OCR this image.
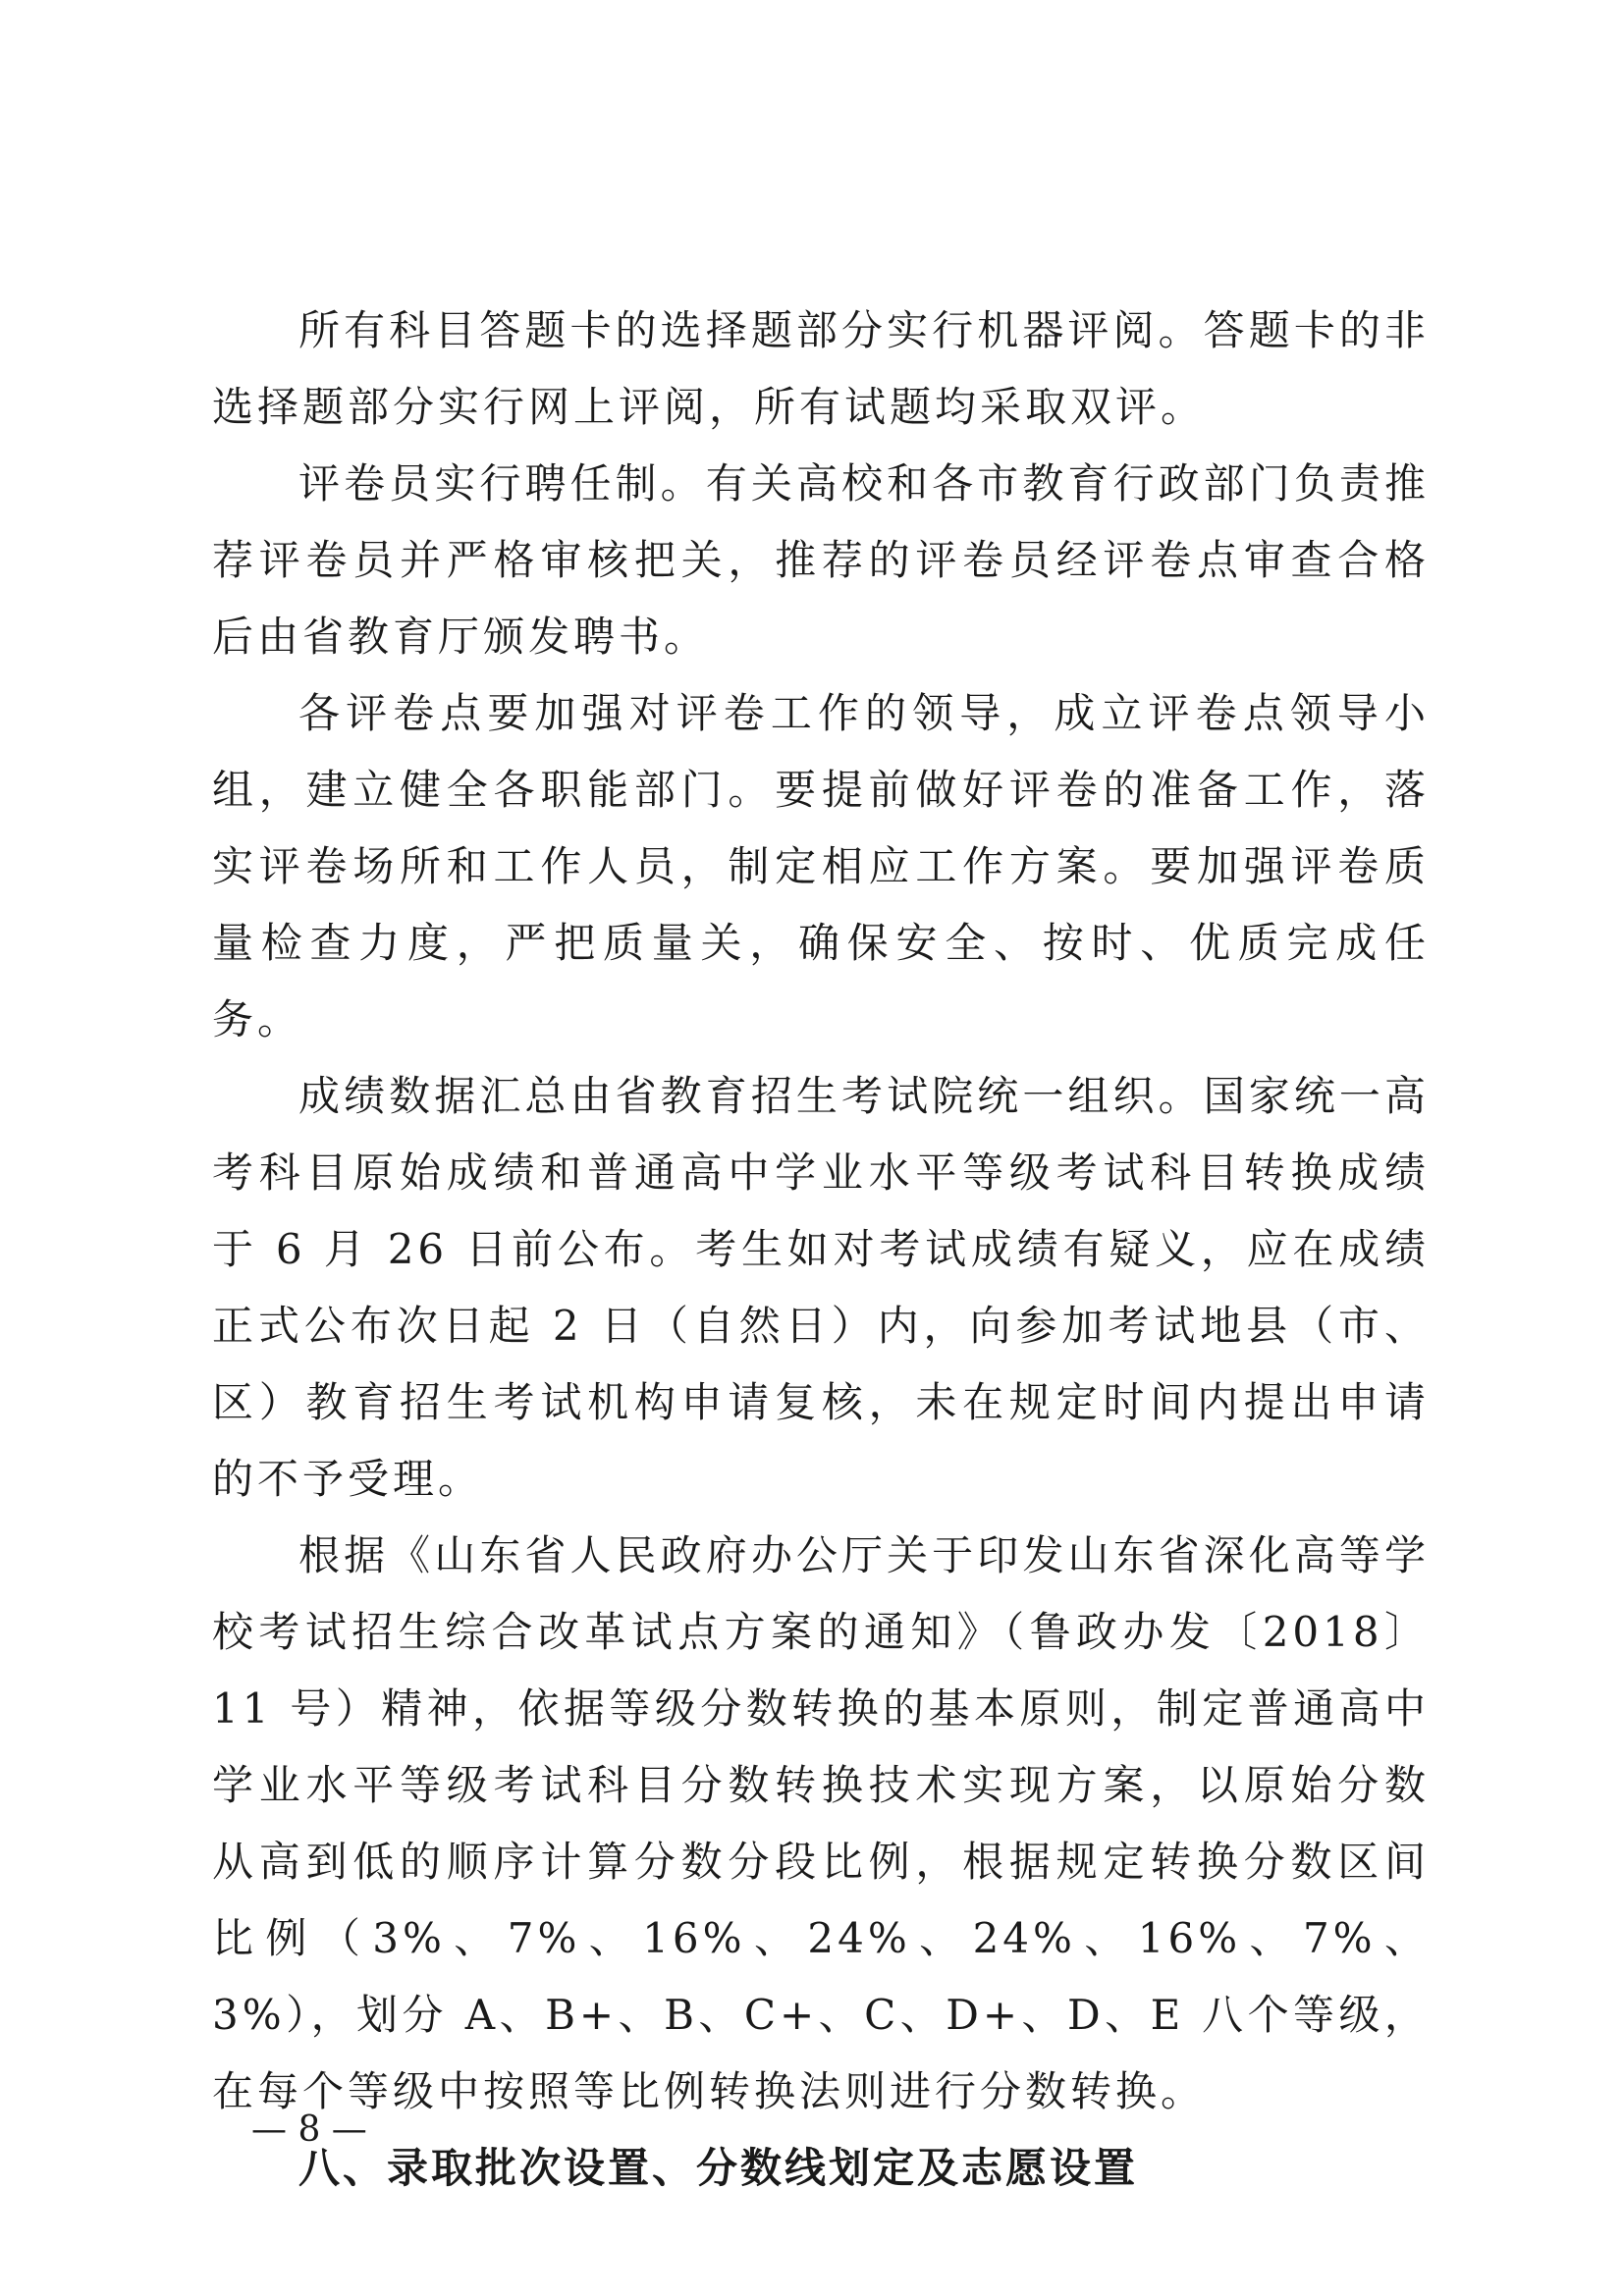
所有科目答题卡的选择题部分实行机器评阅。答题卡的非选择题部分实行网上评阅，所有试题均采取双评。

评卷员实行聘任制。有关高校和各市教育行政部门负责推荐评卷员并严格审核把关，推荐的评卷员经评卷点审查合格后由省教育厅颁发聘书。

各评卷点要加强对评卷工作的领导，成立评卷点领导小组，建立健全各职能部门。要提前做好评卷的准备工作，落实评卷场所和工作人员，制定相应工作方案。要加强评卷质量检查力度，严把质量关，确保安全、按时、优质完成任务。

成绩数据汇总由省教育招生考试院统一组织。国家统一高考科目原始成绩和普通高中学业水平等级考试科目转换成绩于 6 月 26 日前公布。考生如对考试成绩有疑义，应在成绩正式公布次日起 2 日（自然日）内，向参加考试地县（市、区）教育招生考试机构申请复核，未在规定时间内提出申请的不予受理。

根据《山东省人民政府办公厅关于印发山东省深化高等学校考试招生综合改革试点方案的通知》（鲁政办发〔2018〕11 号）精神，依据等级分数转换的基本原则，制定普通高中学业水平等级考试科目分数转换技术实现方案，以原始分数从高到低的顺序计算分数分段比例，根据规定转换分数区间比例（3%、7%、16%、24%、24%、16%、7%、3%），划分 A、B+、B、C+、C、D+、D、E 八个等级，在每个等级中按照等比例转换法则进行分数转换。

八、录取批次设置、分数线划定及志愿设置

— 8 —
